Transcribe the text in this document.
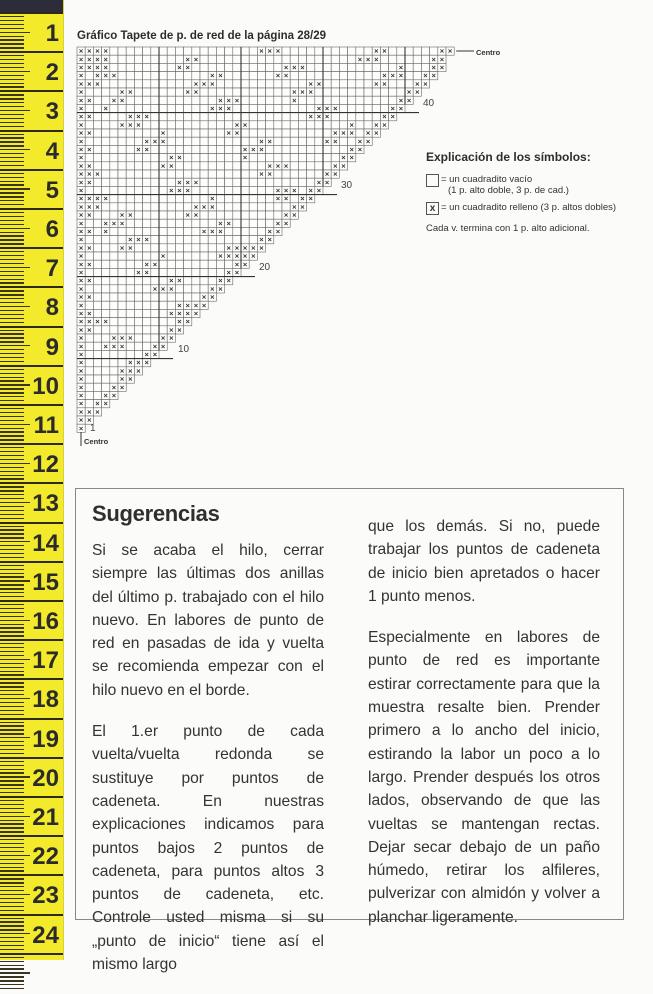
1
2
3
4
5
6
7
8
9
10
11
12
13
14
15
16
17
18
19
20
21
22
23
24
Gráfico Tapete de p. de red de la página 28/29
× × × ×	× × ×	× ×	× ×
× × × ×	× ×	× × ×	× ×
× × × ×	× ×	× × ×	×	× ×
× × × ×	× ×	× ×	× × ×	× ×
× × ×	× × ×	× ×	× ×	× ×
×	× ×	× ×	× × ×	× ×
× ×	× ×	× × ×	×	× ×
×	×	× × ×	× × ×	× ×
× ×	× × ×	× × ×	× ×
×	× × ×	× ×	×	× ×
× ×	×	× ×	× × × × ×
×	× × ×	× ×	× ×	× ×
× ×	× ×	× × ×	× ×
×	× ×	×	× ×
× ×	× ×	× × ×	× ×
× × ×	× ×	× ×
× ×	× × ×	× ×
×	× × ×	× × × × ×
× × × ×	×	× × × ×
× × ×	× × ×	× ×
× ×	× ×	× ×	× ×
×	× × ×	× ×	× ×
× × ×	× × ×	× ×
×	× × ×	× ×
× ×	× ×	× × × × ×
×	×	× × × × ×
× ×	× ×	× ×
×	× ×	× ×
× ×	× ×	× ×
×	× × ×	× ×
× ×	× ×
×	× × × ×
× ×	× × × ×
× × × ×	× ×
× ×	× ×
×	× × ×	× ×
×	× × ×	× ×
×	× ×
×	× × ×
×	× × ×
×	× ×
×	× ×
×	× ×
× × ×
× × ×
× ×
× 1
10
20
30
40
Centro
Centro
Explicación de los símbolos:
= un cuadradito vacío
(1 p. alto doble, 3 p. de cad.)
x = un cuadradito relleno (3 p. altos dobles)
Cada v. termina con 1 p. alto adicional.
Sugerencias

Si se acaba el hilo, cerrar siempre las últimas dos anillas del último p. trabajado con el hilo nuevo. En labores de punto de red en pasadas de ida y vuelta se recomienda empezar con el hilo nuevo en el borde.

El 1.er punto de cada vuelta/vuelta redonda se sustituye por puntos de cadeneta. En nuestras explicaciones indicamos para puntos bajos 2 puntos de cadeneta, para puntos altos 3 puntos de cadeneta, etc. Controle usted misma si su „punto de inicio“ tiene así el mismo largo

que los demás. Si no, puede trabajar los puntos de cadeneta de inicio bien apretados o hacer 1 punto menos.

Especialmente en labores de punto de red es importante estirar correctamente para que la muestra resalte bien. Prender primero a lo ancho del inicio, estirando la labor un poco a lo largo. Prender después los otros lados, observando de que las vueltas se mantengan rectas. Dejar secar debajo de un paño húmedo, retirar los alfileres, pulverizar con almidón y volver a planchar ligeramente.
